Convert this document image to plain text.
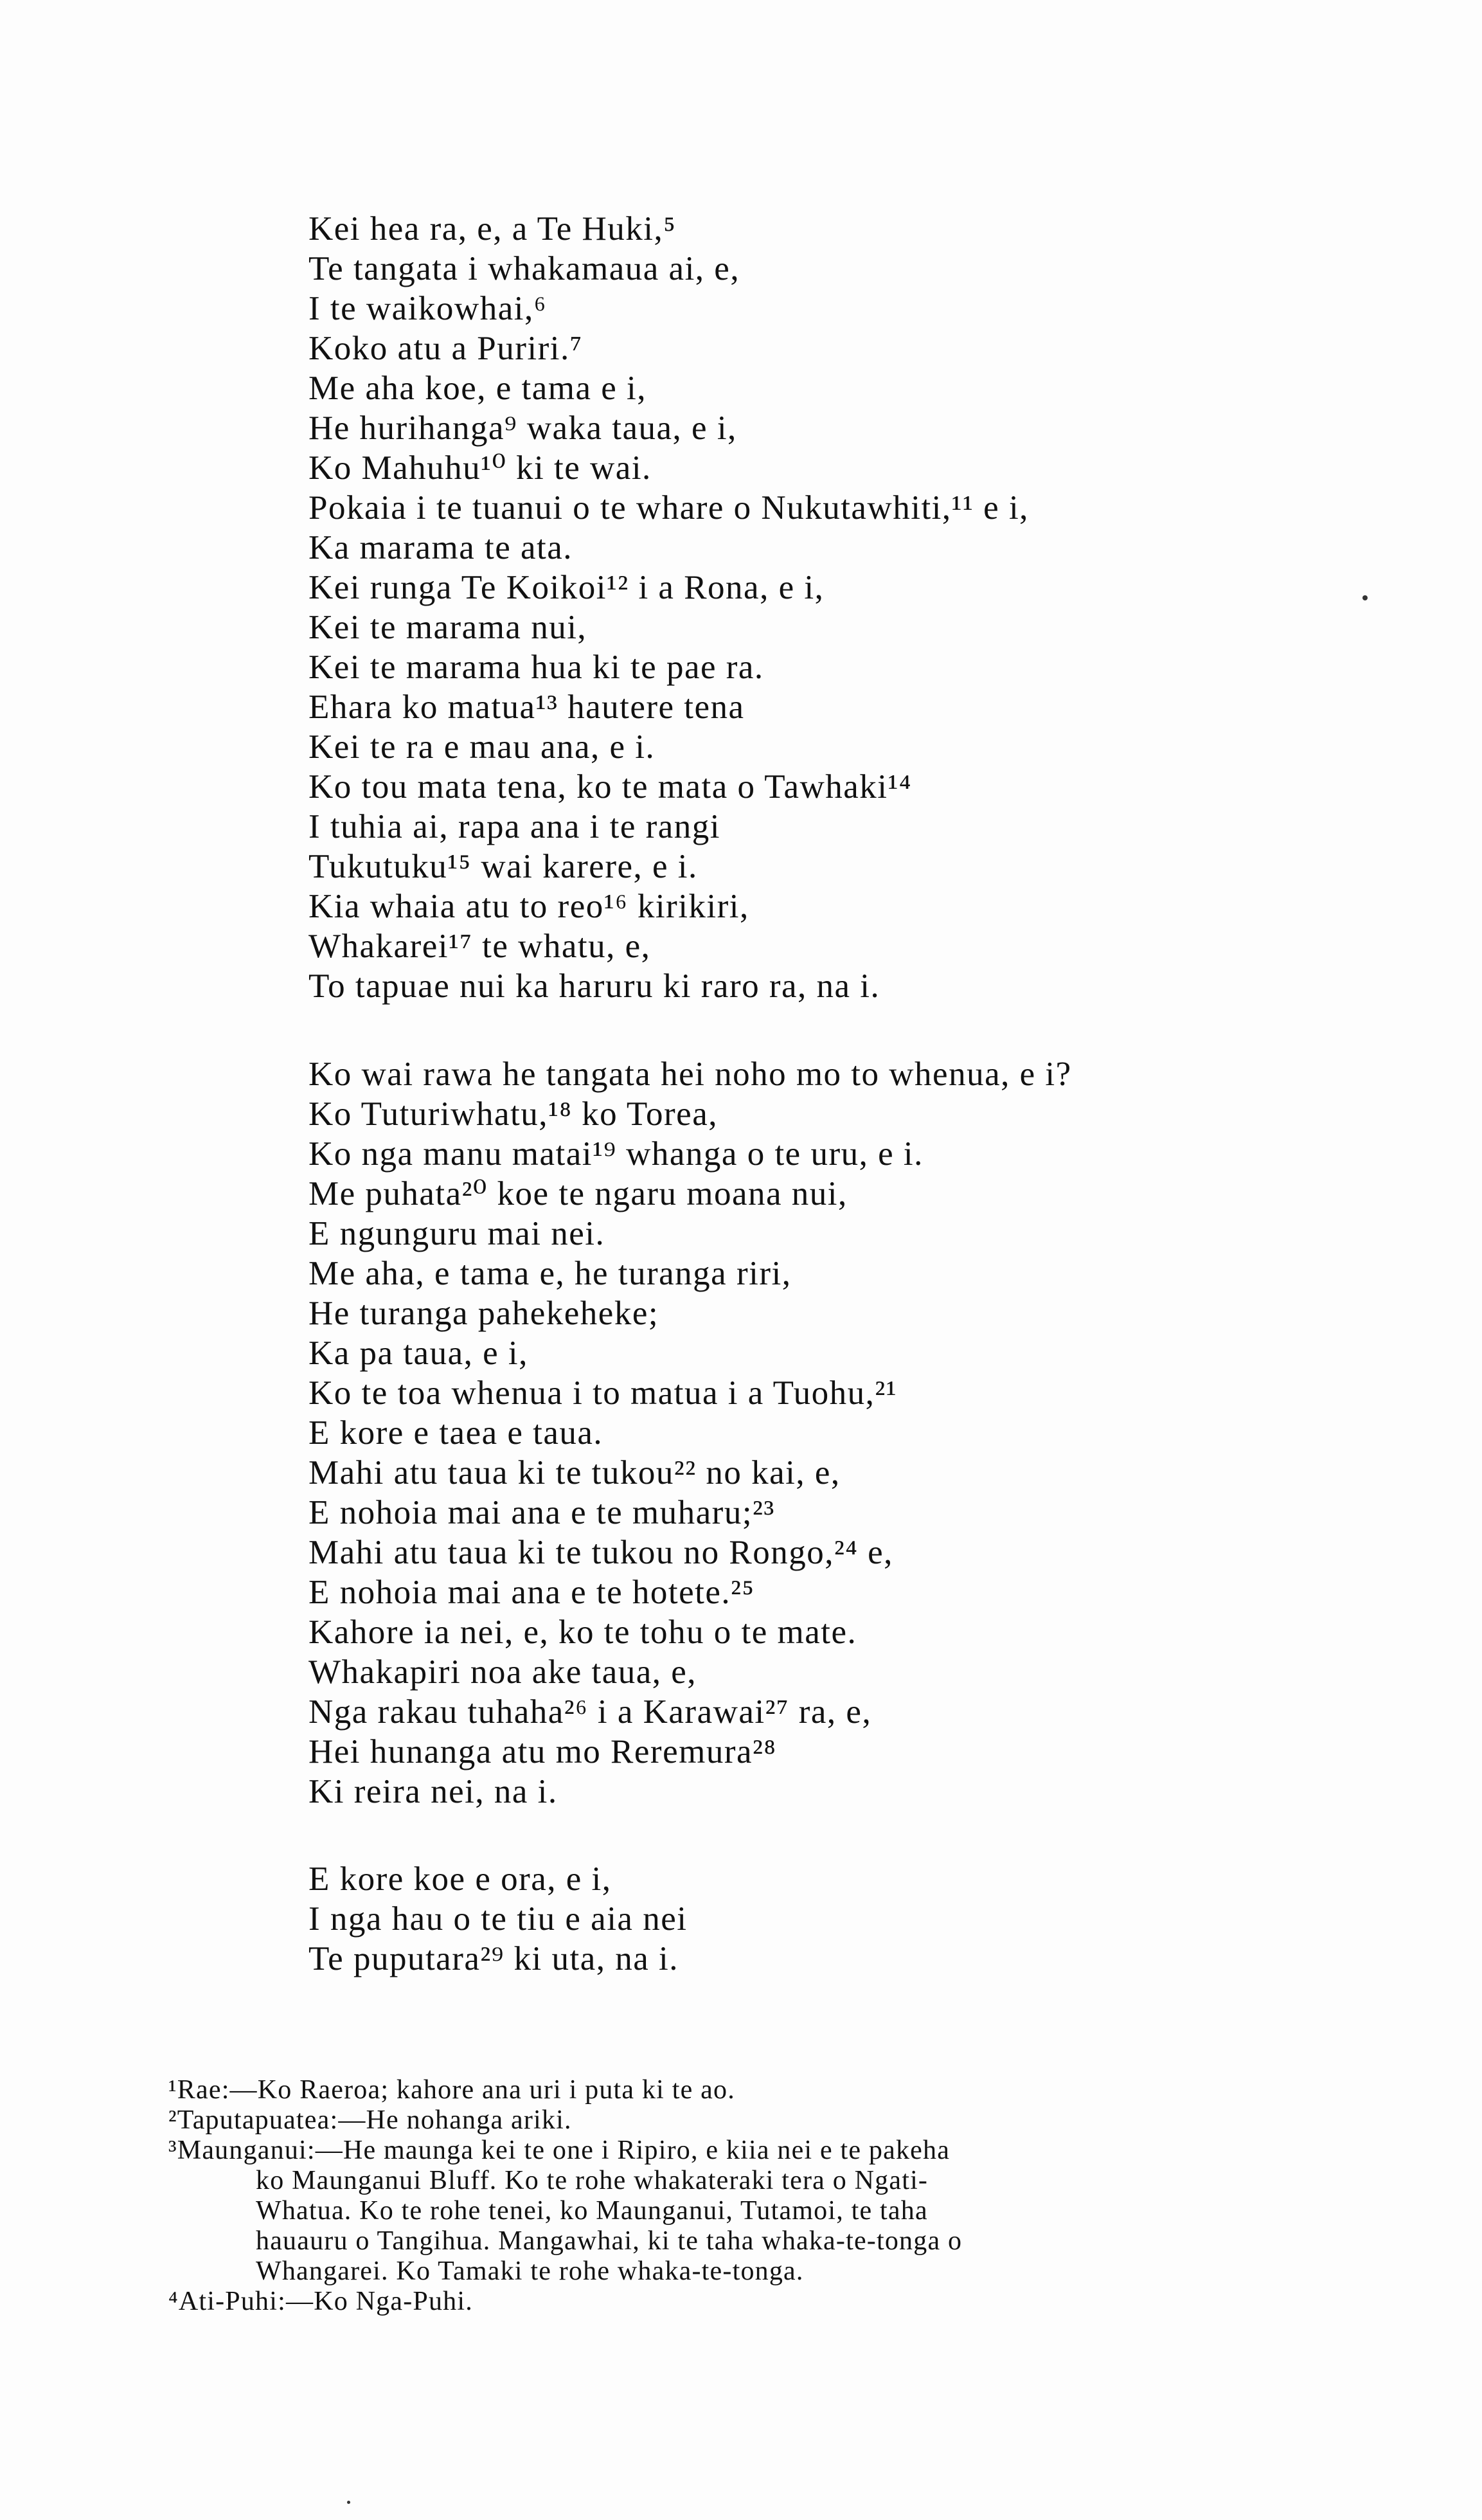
Kei hea ra, e, a Te Huki,⁵
Te tangata i whakamaua ai, e,
I te waikowhai,⁶
Koko atu a Puriri.⁷
Me aha koe, e tama e i,
He hurihanga⁹ waka taua, e i,
Ko Mahuhu¹⁰ ki te wai.
Pokaia i te tuanui o te whare o Nukutawhiti,¹¹ e i,
Ka marama te ata.
Kei runga Te Koikoi¹² i a Rona, e i,
Kei te marama nui,
Kei te marama hua ki te pae ra.
Ehara ko matua¹³ hautere tena
Kei te ra e mau ana, e i.
Ko tou mata tena, ko te mata o Tawhaki¹⁴
I tuhia ai, rapa ana i te rangi
Tukutuku¹⁵ wai karere, e i.
Kia whaia atu to reo¹⁶ kirikiri,
Whakarei¹⁷ te whatu, e,
To tapuae nui ka haruru ki raro ra, na i.
Ko wai rawa he tangata hei noho mo to whenua, e i?
Ko Tuturiwhatu,¹⁸ ko Torea,
Ko nga manu matai¹⁹ whanga o te uru, e i.
Me puhata²⁰ koe te ngaru moana nui,
E ngunguru mai nei.
Me aha, e tama e, he turanga riri,
He turanga pahekeheke;
Ka pa taua, e i,
Ko te toa whenua i to matua i a Tuohu,²¹
E kore e taea e taua.
Mahi atu taua ki te tukou²² no kai, e,
E nohoia mai ana e te muharu;²³
Mahi atu taua ki te tukou no Rongo,²⁴ e,
E nohoia mai ana e te hotete.²⁵
Kahore ia nei, e, ko te tohu o te mate.
Whakapiri noa ake taua, e,
Nga rakau tuhaha²⁶ i a Karawai²⁷ ra, e,
Hei hunanga atu mo Reremura²⁸
Ki reira nei, na i.
E kore koe e ora, e i,
I nga hau o te tiu e aia nei
Te puputara²⁹ ki uta, na i.
¹Rae:—Ko Raeroa; kahore ana uri i puta ki te ao.
²Taputapuatea:—He nohanga ariki.
³Maunganui:—He maunga kei te one i Ripiro, e kiia nei e te pakeha
ko Maunganui Bluff. Ko te rohe whakateraki tera o Ngati-
Whatua. Ko te rohe tenei, ko Maunganui, Tutamoi, te taha
hauauru o Tangihua. Mangawhai, ki te taha whaka-te-tonga o
Whangarei. Ko Tamaki te rohe whaka-te-tonga.
⁴Ati-Puhi:—Ko Nga-Puhi.
